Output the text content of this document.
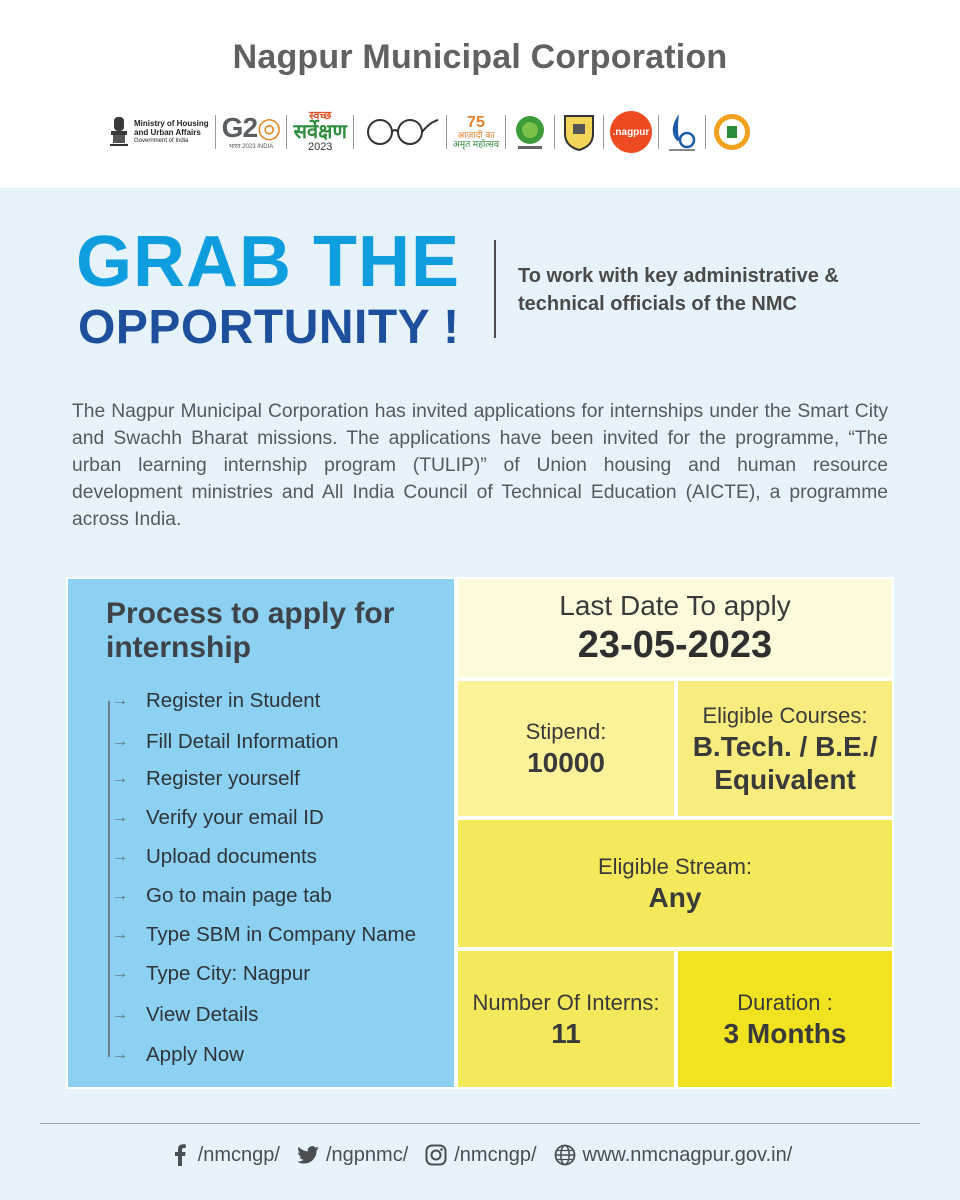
Nagpur Municipal Corporation
Ministry of Housing
and Urban Affairs
Government of India	G2◎
भारत 2023 INDIA
स्वच्छ
सर्वेक्षण
2023
75
आज़ादी का
अमृत महोत्सव
.nagpur
GRAB THE
OPPORTUNITY !
To work with key administrative & technical officials of the NMC
The Nagpur Municipal Corporation has invited applications for internships under the Smart City and Swachh Bharat missions. The applications have been invited for the programme, “The urban learning internship program (TULIP)” of Union housing and human resource development ministries and All India Council of Technical Education (AICTE), a programme across India.
Process to apply for internship
→ Register in Student
→ Fill Detail Information
→ Register yourself
→ Verify your email ID
→ Upload documents
→ Go to main page tab
→ Type SBM in Company Name
→ Type City: Nagpur
→ View Details
→ Apply Now
Last Date To apply
23-05-2023
Stipend:
10000
Eligible Courses:
B.Tech. / B.E./
Equivalent
Eligible Stream:
Any
Number Of Interns:
11
Duration :
3 Months
/nmcngp/ /ngpnmc/ /nmcngp/ www.nmcnagpur.gov.in/
